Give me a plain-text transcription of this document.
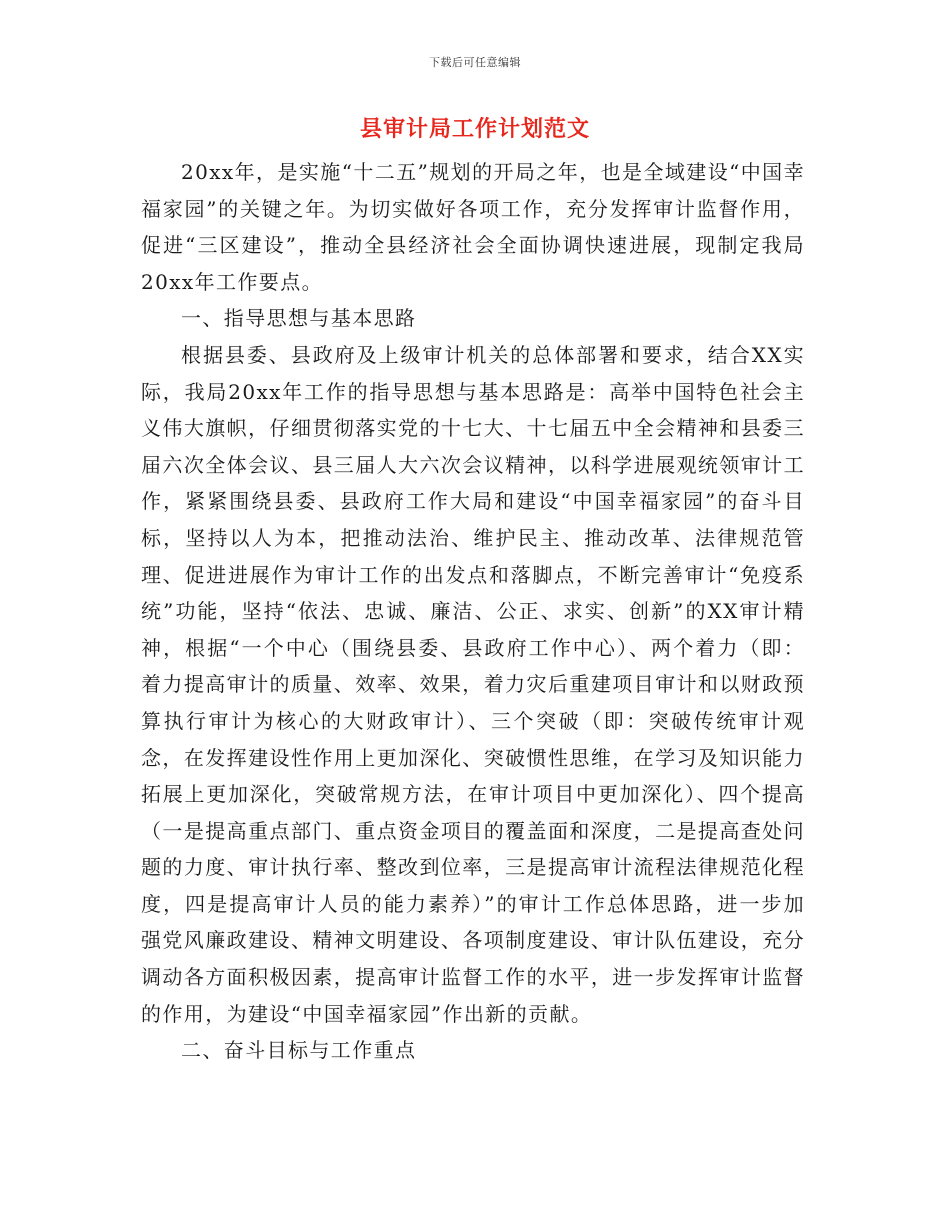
下载后可任意编辑
县审计局工作计划范文

20xx年，是实施“十二五”规划的开局之年，也是全域建设“中国幸福家园”的关键之年。为切实做好各项工作，充分发挥审计监督作用，促进“三区建设”，推动全县经济社会全面协调快速进展，现制定我局20xx年工作要点。

一、指导思想与基本思路

根据县委、县政府及上级审计机关的总体部署和要求，结合XX实际，我局20xx年工作的指导思想与基本思路是：高举中国特色社会主义伟大旗帜，仔细贯彻落实党的十七大、十七届五中全会精神和县委三届六次全体会议、县三届人大六次会议精神，以科学进展观统领审计工作，紧紧围绕县委、县政府工作大局和建设“中国幸福家园”的奋斗目标，坚持以人为本，把推动法治、维护民主、推动改革、法律规范管理、促进进展作为审计工作的出发点和落脚点，不断完善审计“免疫系统”功能，坚持“依法、忠诚、廉洁、公正、求实、创新”的XX审计精神，根据“一个中心（围绕县委、县政府工作中心）、两个着力（即：着力提高审计的质量、效率、效果，着力灾后重建项目审计和以财政预算执行审计为核心的大财政审计）、三个突破（即：突破传统审计观念，在发挥建设性作用上更加深化、突破惯性思维，在学习及知识能力拓展上更加深化，突破常规方法，在审计项目中更加深化）、四个提高（一是提高重点部门、重点资金项目的覆盖面和深度，二是提高查处问题的力度、审计执行率、整改到位率，三是提高审计流程法律规范化程度，四是提高审计人员的能力素养）”的审计工作总体思路，进一步加强党风廉政建设、精神文明建设、各项制度建设、审计队伍建设，充分调动各方面积极因素，提高审计监督工作的水平，进一步发挥审计监督的作用，为建设“中国幸福家园”作出新的贡献。

二、奋斗目标与工作重点
